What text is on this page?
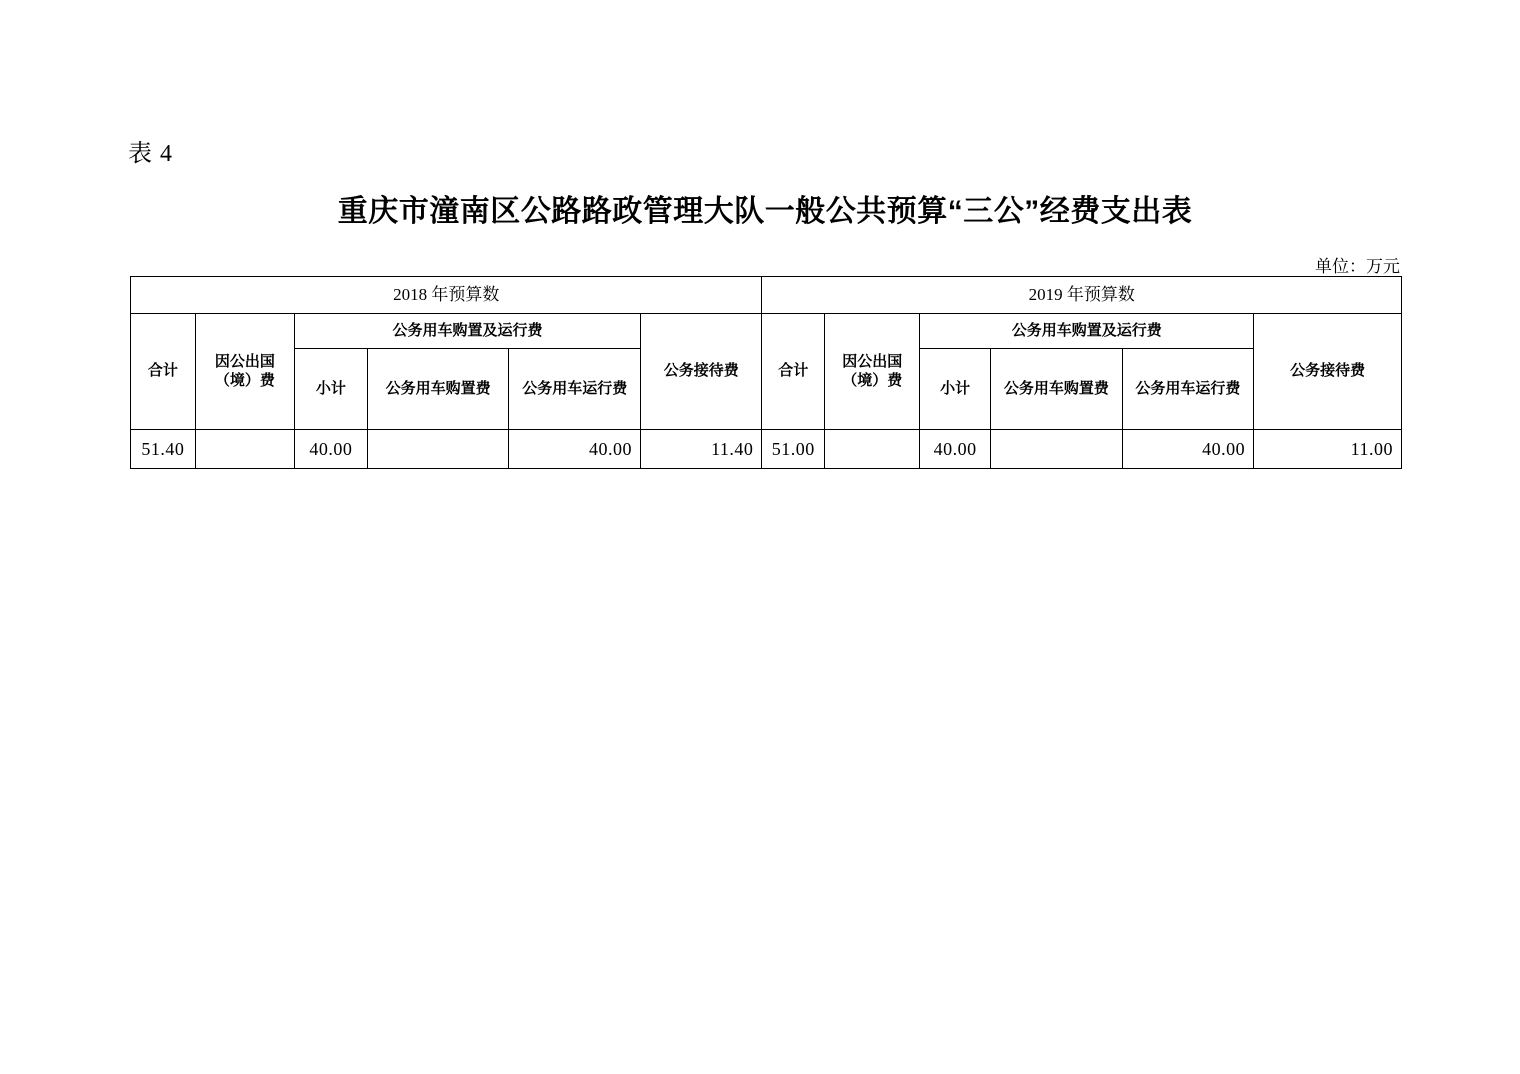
表 4
重庆市潼南区公路路政管理大队一般公共预算“三公”经费支出表
单位：万元
2018 年预算数						2019 年预算数					
合计	因公出国（境）费	公务用车购置及运行费			公务接待费	合计	因公出国（境）费	公务用车购置及运行费			公务接待费
		小计	公务用车购置费	公务用车运行费				小计	公务用车购置费	公务用车运行费	
51.40		40.00		40.00	11.40	51.00		40.00		40.00	11.00
